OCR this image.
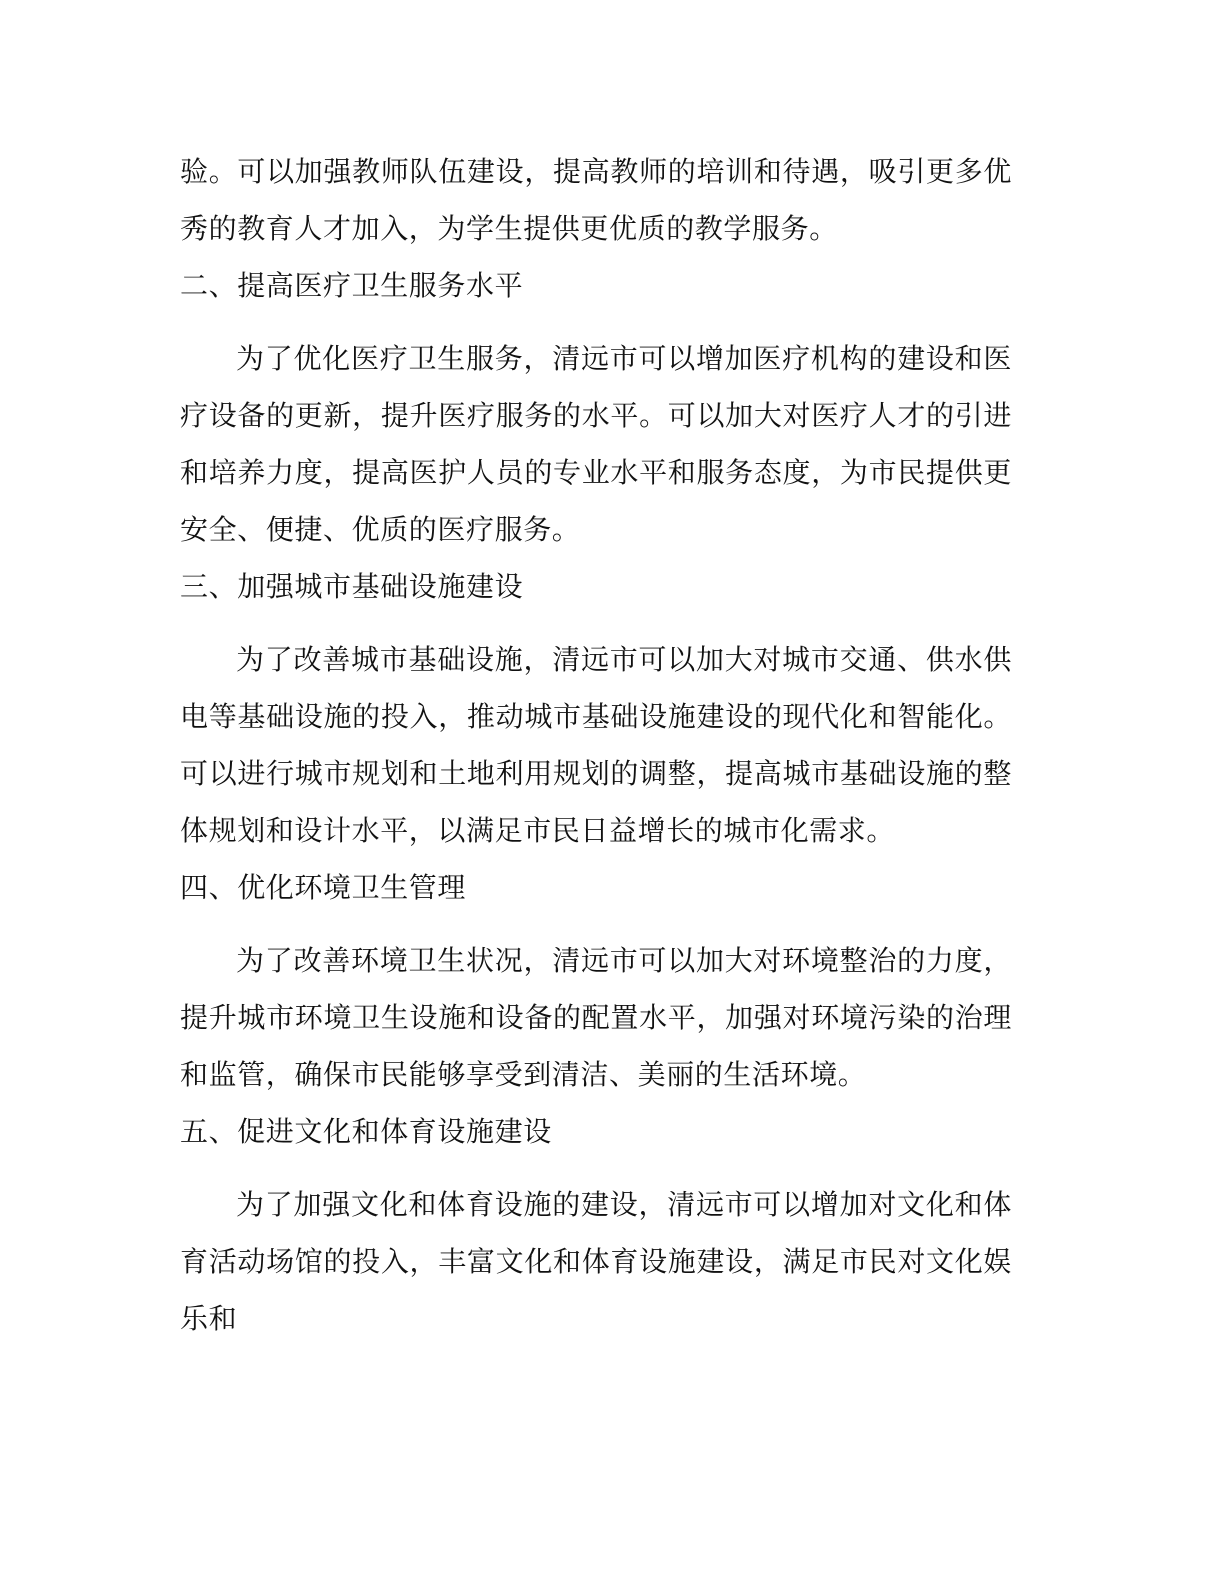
验。可以加强教师队伍建设，提高教师的培训和待遇，吸引更多优秀的教育人才加入，为学生提供更优质的教学服务。

二、提高医疗卫生服务水平

为了优化医疗卫生服务，清远市可以增加医疗机构的建设和医疗设备的更新，提升医疗服务的水平。可以加大对医疗人才的引进和培养力度，提高医护人员的专业水平和服务态度，为市民提供更安全、便捷、优质的医疗服务。

三、加强城市基础设施建设

为了改善城市基础设施，清远市可以加大对城市交通、供水供电等基础设施的投入，推动城市基础设施建设的现代化和智能化。可以进行城市规划和土地利用规划的调整，提高城市基础设施的整体规划和设计水平，以满足市民日益增长的城市化需求。

四、优化环境卫生管理

为了改善环境卫生状况，清远市可以加大对环境整治的力度，提升城市环境卫生设施和设备的配置水平，加强对环境污染的治理和监管，确保市民能够享受到清洁、美丽的生活环境。

五、促进文化和体育设施建设

为了加强文化和体育设施的建设，清远市可以增加对文化和体育活动场馆的投入，丰富文化和体育设施建设，满足市民对文化娱乐和
